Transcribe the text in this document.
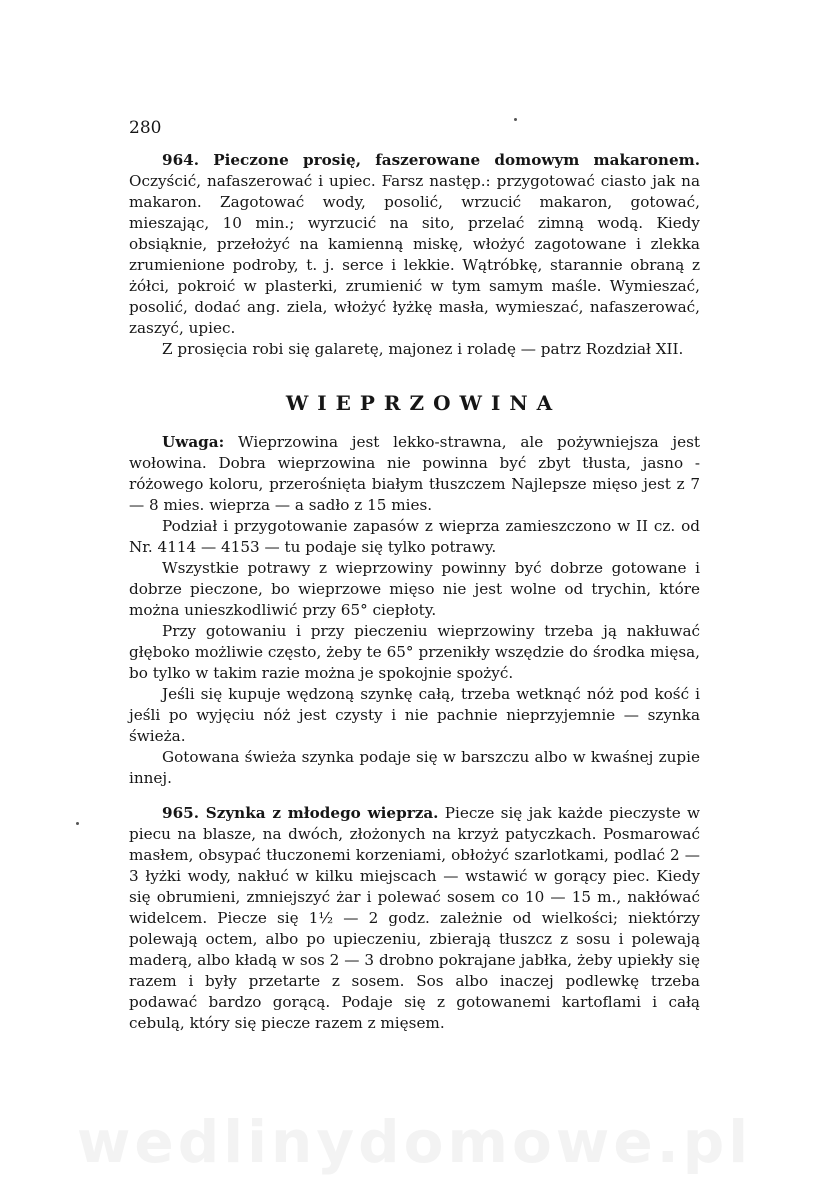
280

964. Pieczone prosię, faszerowane domowym makaronem. Oczyścić, nafaszerować i upiec. Farsz następ.: przygotować ciasto jak na makaron. Zagotować wody, posolić, wrzucić makaron, gotować, mieszając, 10 min.; wyrzucić na sito, przelać zimną wodą. Kiedy obsiąknie, przełożyć na kamienną miskę, włożyć zagotowane i zlekka zrumienione podroby, t. j. serce i lekkie. Wątróbkę, starannie obraną z żółci, pokroić w plasterki, zrumienić w tym samym maśle. Wymieszać, posolić, dodać ang. ziela, włożyć łyżkę masła, wymieszać, nafaszerować, zaszyć, upiec.

Z prosięcia robi się galaretę, majonez i roladę — patrz Rozdział XII.

WIEPRZOWINA

Uwaga: Wieprzowina jest lekko-strawna, ale pożywniejsza jest wołowina. Dobra wieprzowina nie powinna być zbyt tłusta, jasno - różowego koloru, przerośnięta białym tłuszczem Najlepsze mięso jest z 7 — 8 mies. wieprza — a sadło z 15 mies.

Podział i przygotowanie zapasów z wieprza zamieszczono w II cz. od Nr. 4114 — 4153 — tu podaje się tylko potrawy.

Wszystkie potrawy z wieprzowiny powinny być dobrze gotowane i dobrze pieczone, bo wieprzowe mięso nie jest wolne od trychin, które można unieszkodliwić przy 65° ciepłoty.

Przy gotowaniu i przy pieczeniu wieprzowiny trzeba ją nakłuwać głęboko możliwie często, żeby te 65° przenikły wszędzie do środka mięsa, bo tylko w takim razie można je spokojnie spożyć.

Jeśli się kupuje wędzoną szynkę całą, trzeba wetknąć nóż pod kość i jeśli po wyjęciu nóż jest czysty i nie pachnie nieprzyjemnie — szynka świeża.

Gotowana świeża szynka podaje się w barszczu albo w kwaśnej zupie innej.

965. Szynka z młodego wieprza. Piecze się jak każde pieczyste w piecu na blasze, na dwóch, złożonych na krzyż patyczkach. Posmarować masłem, obsypać tłuczonemi korzeniami, obłożyć szarlotkami, podlać 2 — 3 łyżki wody, nakłuć w kilku miejscach — wstawić w gorący piec. Kiedy się obrumieni, zmniejszyć żar i polewać sosem co 10 — 15 m., nakłówać widelcem. Piecze się 1½ — 2 godz. zależnie od wielkości; niektórzy polewają octem, albo po upieczeniu, zbierają tłuszcz z sosu i polewają maderą, albo kładą w sos 2 — 3 drobno pokrajane jabłka, żeby upiekły się razem i były przetarte z sosem. Sos albo inaczej podlewkę trzeba podawać bardzo gorącą. Podaje się z gotowanemi kartoflami i całą cebulą, który się piecze razem z mięsem.

wedlinydomowe.pl
